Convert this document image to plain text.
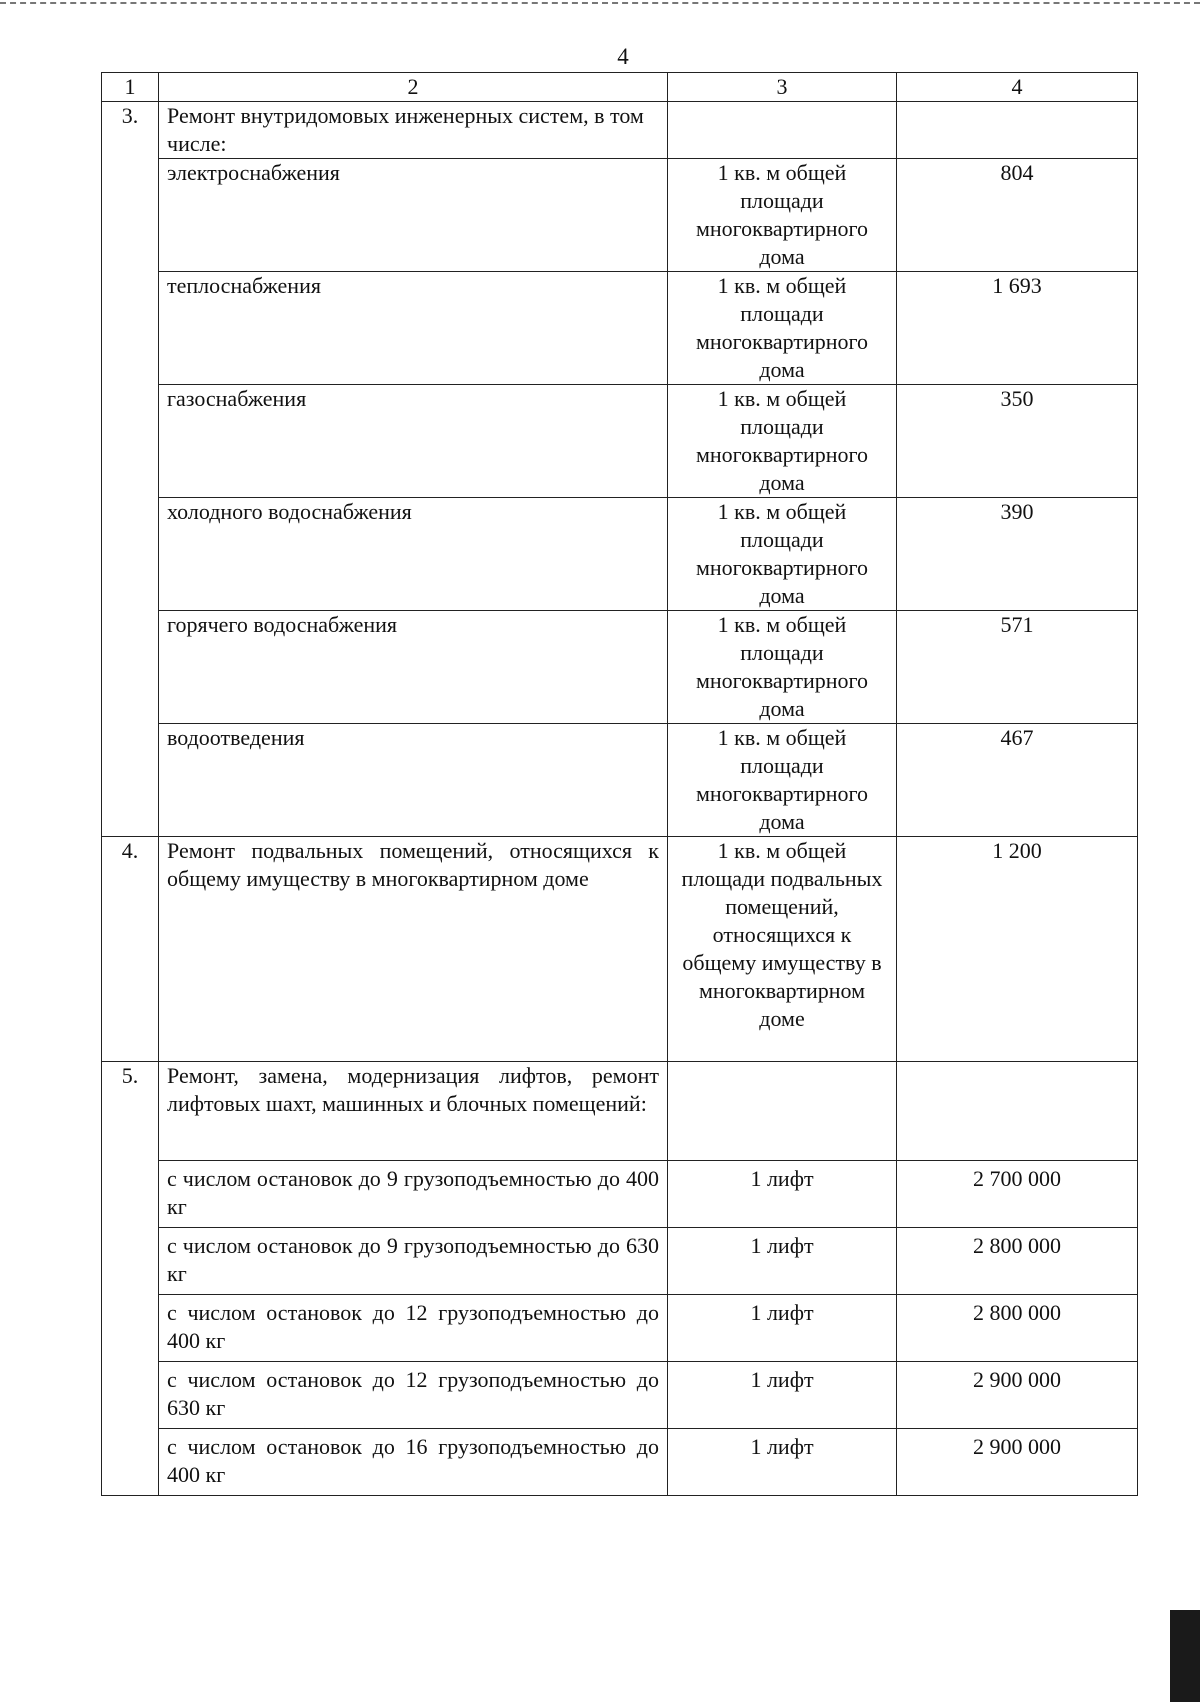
4
1	2	3	4
3.	Ремонт внутридомовых инженерных систем, в том числе:		
	электроснабжения	1 кв. м общей площади многоквартирного дома	804
	теплоснабжения	1 кв. м общей площади многоквартирного дома	1 693
	газоснабжения	1 кв. м общей площади многоквартирного дома	350
	холодного водоснабжения	1 кв. м общей площади многоквартирного дома	390
	горячего водоснабжения	1 кв. м общей площади многоквартирного дома	571
	водоотведения	1 кв. м общей площади многоквартирного дома	467
4.	Ремонт подвальных помещений, относящихся к общему имуществу в многоквартирном доме	1 кв. м общей площади подвальных помещений, относящихся к общему имуществу в многоквартирном доме	1 200
5.	Ремонт, замена, модернизация лифтов, ремонт лифтовых шахт, машинных и блочных помещений:		
	с числом остановок до 9 грузоподъемностью до 400 кг	1 лифт	2 700 000
	с числом остановок до 9 грузоподъемностью до 630 кг	1 лифт	2 800 000
	с числом остановок до 12 грузоподъемностью до 400 кг	1 лифт	2 800 000
	с числом остановок до 12 грузоподъемностью до 630 кг	1 лифт	2 900 000
	с числом остановок до 16 грузоподъемностью до 400 кг	1 лифт	2 900 000
